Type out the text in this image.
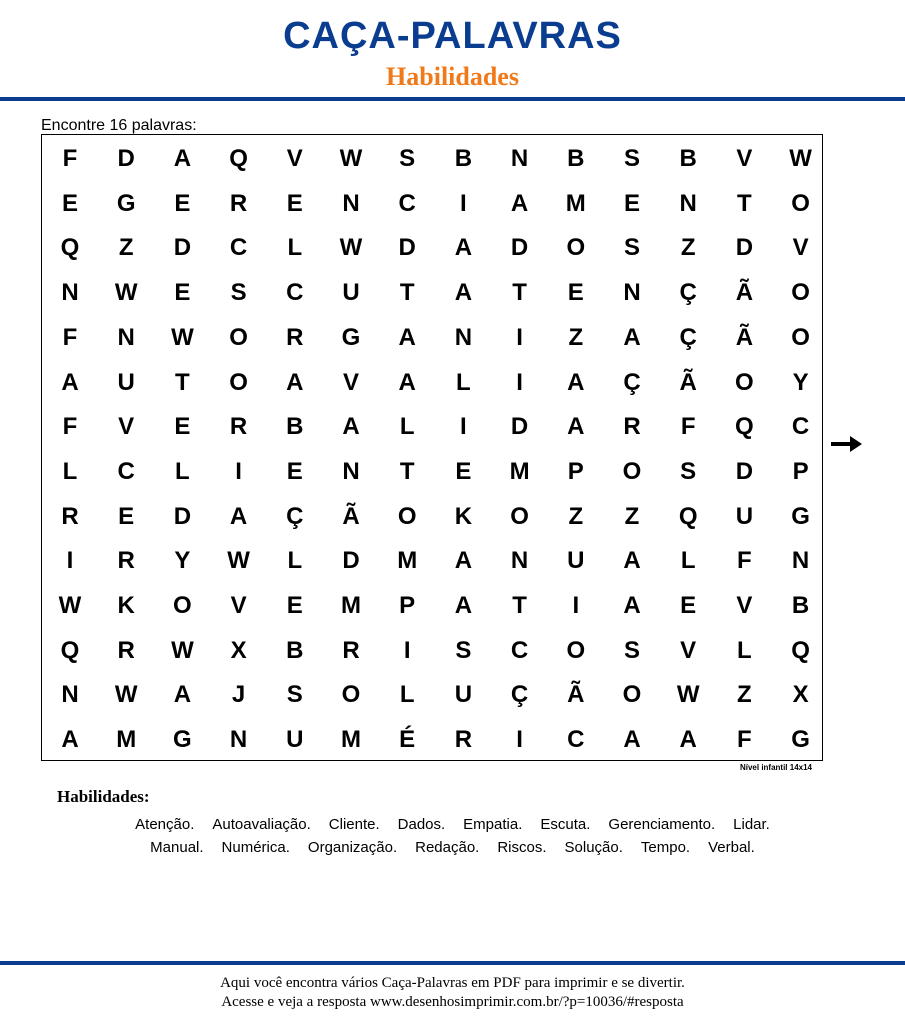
CAÇA-PALAVRAS
Habilidades
Encontre 16 palavras:
F	D	A	Q	V	W	S	B	N	B	S	B	V	W
E	G	E	R	E	N	C	I	A	M	E	N	T	O
Q	Z	D	C	L	W	D	A	D	O	S	Z	D	V
N	W	E	S	C	U	T	A	T	E	N	Ç	Ã	O
F	N	W	O	R	G	A	N	I	Z	A	Ç	Ã	O
A	U	T	O	A	V	A	L	I	A	Ç	Ã	O	Y
F	V	E	R	B	A	L	I	D	A	R	F	Q	C
L	C	L	I	E	N	T	E	M	P	O	S	D	P
R	E	D	A	Ç	Ã	O	K	O	Z	Z	Q	U	G
I	R	Y	W	L	D	M	A	N	U	A	L	F	N
W	K	O	V	E	M	P	A	T	I	A	E	V	B
Q	R	W	X	B	R	I	S	C	O	S	V	L	Q
N	W	A	J	S	O	L	U	Ç	Ã	O	W	Z	X
A	M	G	N	U	M	É	R	I	C	A	A	F	G
Nível infantil 14x14
Habilidades:
Atenção. Autoavaliação. Cliente. Dados. Empatia. Escuta. Gerenciamento. Lidar.
Manual. Numérica. Organização. Redação. Riscos. Solução. Tempo. Verbal.
Aqui você encontra vários Caça-Palavras em PDF para imprimir e se divertir.
Acesse e veja a resposta www.desenhosimprimir.com.br/?p=10036/#resposta
